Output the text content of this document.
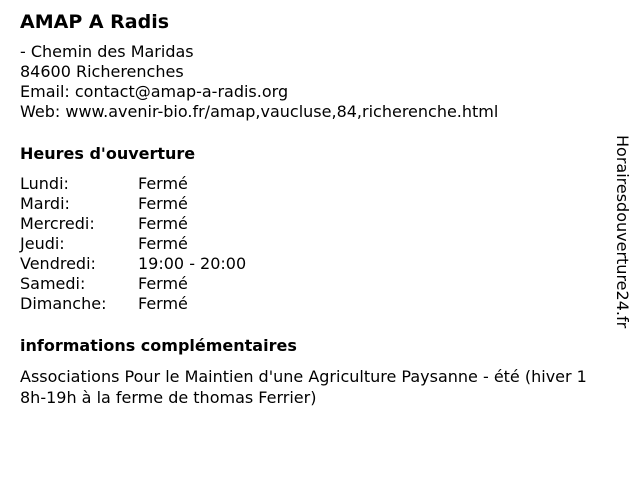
AMAP A Radis
- Chemin des Maridas
84600 Richerenches
Email: contact@amap-a-radis.org
Web: www.avenir-bio.fr/amap,vaucluse,84,richerenche.html
Heures d'ouverture
Lundi:	Fermé
Mardi:	Fermé
Mercredi:	Fermé
Jeudi:	Fermé
Vendredi:	19:00 - 20:00
Samedi:	Fermé
Dimanche:	Fermé
informations complémentaires
Associations Pour le Maintien d'une Agriculture Paysanne - été (hiver 18h-19h à la ferme de thomas Ferrier)
Horairesdouverture24.fr
